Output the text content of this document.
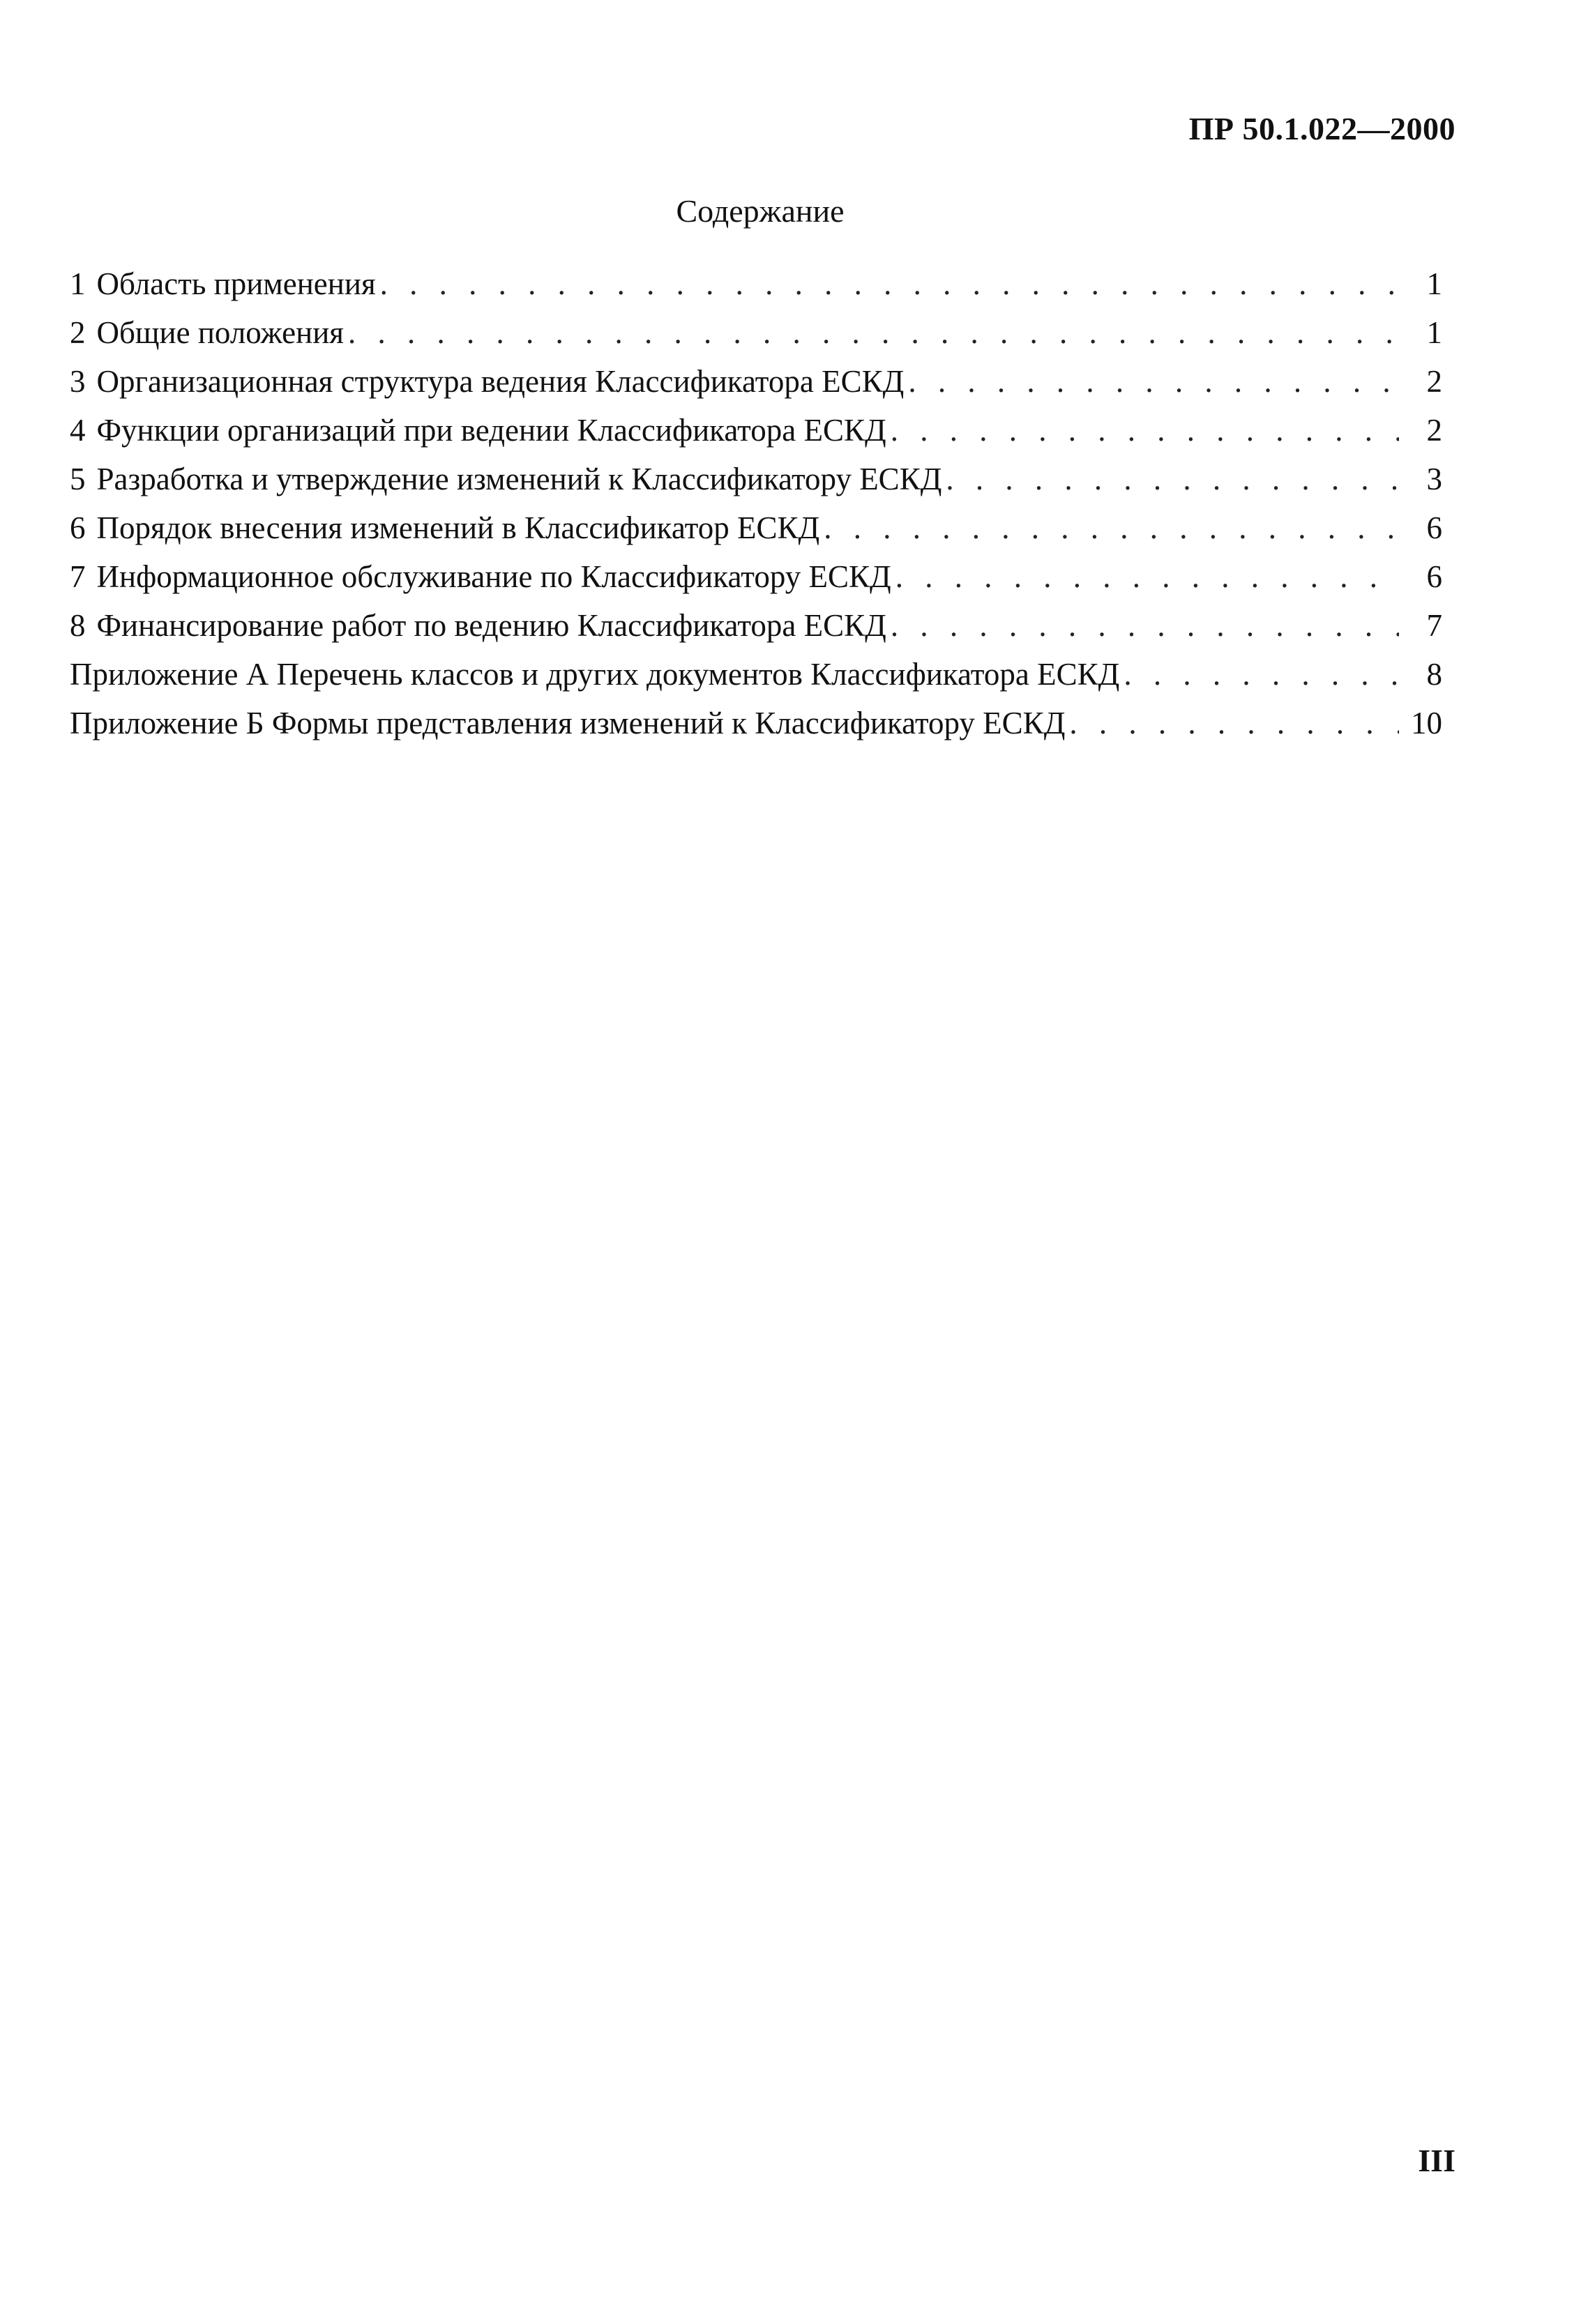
ПР 50.1.022—2000
Содержание
1 Область применения . . .	1
2 Общие положения . . .	1
3 Организационная структура ведения Классификатора ЕСКД . . .	2
4 Функции организаций при ведении Классификатора ЕСКД . . .	2
5 Разработка и утверждение изменений к Классификатору ЕСКД . . .	3
6 Порядок внесения изменений в Классификатор ЕСКД . . .	6
7 Информационное обслуживание по Классификатору ЕСКД . . .	6
8 Финансирование работ по ведению Классификатора ЕСКД . . .	7
Приложение А Перечень классов и других документов Классификатора ЕСКД . . .	8
Приложение Б Формы представления изменений к Классификатору ЕСКД . . .	10
III
